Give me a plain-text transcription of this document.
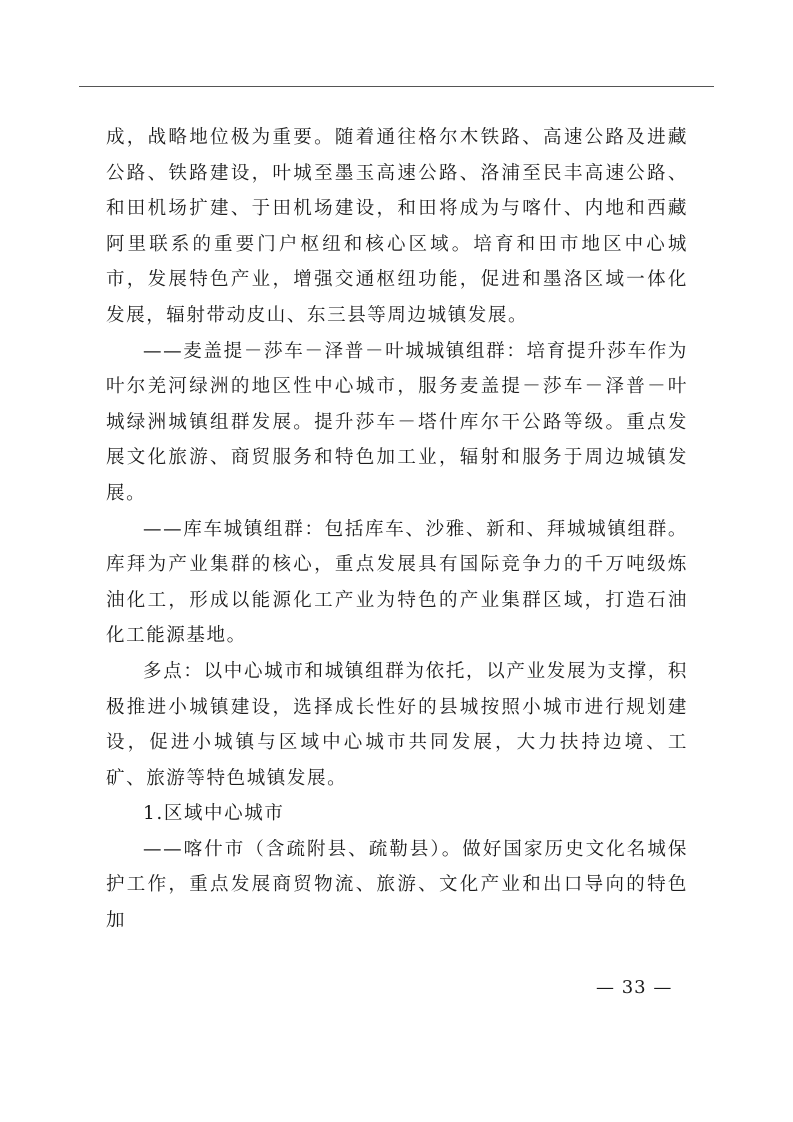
成，战略地位极为重要。随着通往格尔木铁路、高速公路及进藏公路、铁路建设，叶城至墨玉高速公路、洛浦至民丰高速公路、和田机场扩建、于田机场建设，和田将成为与喀什、内地和西藏阿里联系的重要门户枢纽和核心区域。培育和田市地区中心城市，发展特色产业，增强交通枢纽功能，促进和墨洛区域一体化发展，辐射带动皮山、东三县等周边城镇发展。

——麦盖提－莎车－泽普－叶城城镇组群：培育提升莎车作为叶尔羌河绿洲的地区性中心城市，服务麦盖提－莎车－泽普－叶城绿洲城镇组群发展。提升莎车－塔什库尔干公路等级。重点发展文化旅游、商贸服务和特色加工业，辐射和服务于周边城镇发展。

——库车城镇组群：包括库车、沙雅、新和、拜城城镇组群。库拜为产业集群的核心，重点发展具有国际竞争力的千万吨级炼油化工，形成以能源化工产业为特色的产业集群区域，打造石油化工能源基地。

多点：以中心城市和城镇组群为依托，以产业发展为支撑，积极推进小城镇建设，选择成长性好的县城按照小城市进行规划建设，促进小城镇与区域中心城市共同发展，大力扶持边境、工矿、旅游等特色城镇发展。

1.区域中心城市

——喀什市（含疏附县、疏勒县）。做好国家历史文化名城保护工作，重点发展商贸物流、旅游、文化产业和出口导向的特色加

— 33 —
